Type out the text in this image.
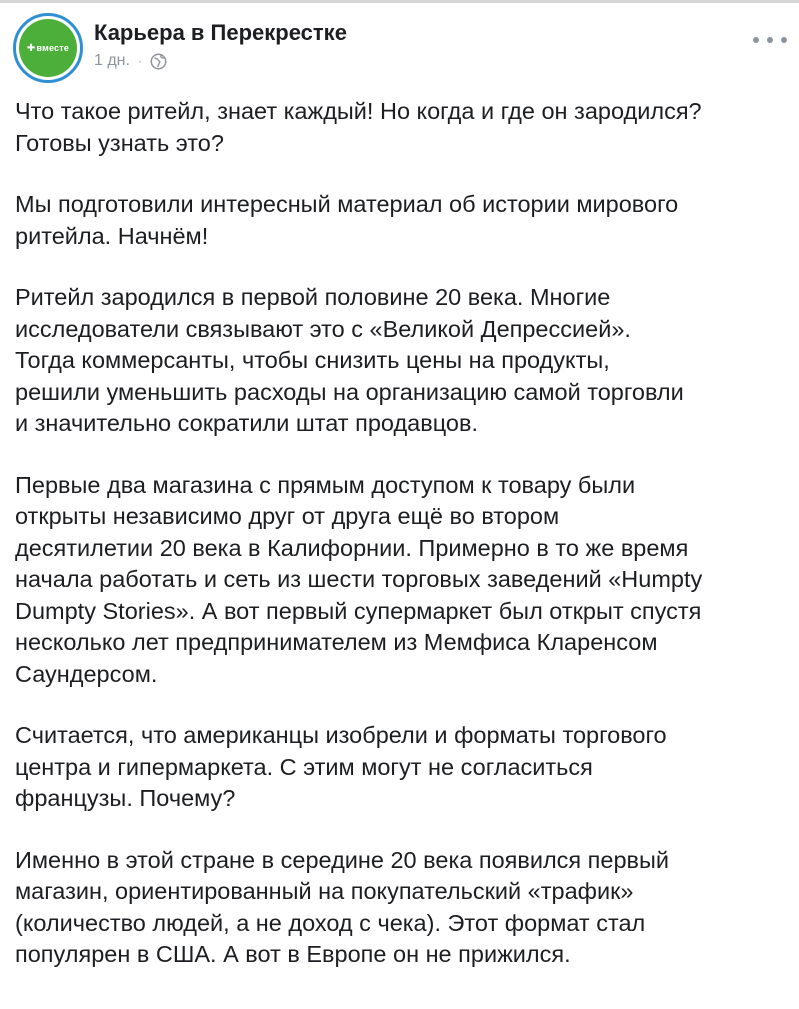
✚ вместе
Карьера в Перекрестке
1 дн. ·

Что такое ритейл, знает каждый! Но когда и где он зародился?
Готовы узнать это?

Мы подготовили интересный материал об истории мирового
ритейла. Начнём!

Ритейл зародился в первой половине 20 века. Многие
исследователи связывают это с «Великой Депрессией».
Тогда коммерсанты, чтобы снизить цены на продукты,
решили уменьшить расходы на организацию самой торговли
и значительно сократили штат продавцов.

Первые два магазина с прямым доступом к товару были
открыты независимо друг от друга ещё во втором
десятилетии 20 века в Калифорнии. Примерно в то же время
начала работать и сеть из шести торговых заведений «Humpty
Dumpty Stories». А вот первый супермаркет был открыт спустя
несколько лет предпринимателем из Мемфиса Кларенсом
Саундерсом.

Считается, что американцы изобрели и форматы торгового
центра и гипермаркета. С этим могут не согласиться
французы. Почему?

Именно в этой стране в середине 20 века появился первый
магазин, ориентированный на покупательский «трафик»
(количество людей, а не доход с чека). Этот формат стал
популярен в США. А вот в Европе он не прижился.
